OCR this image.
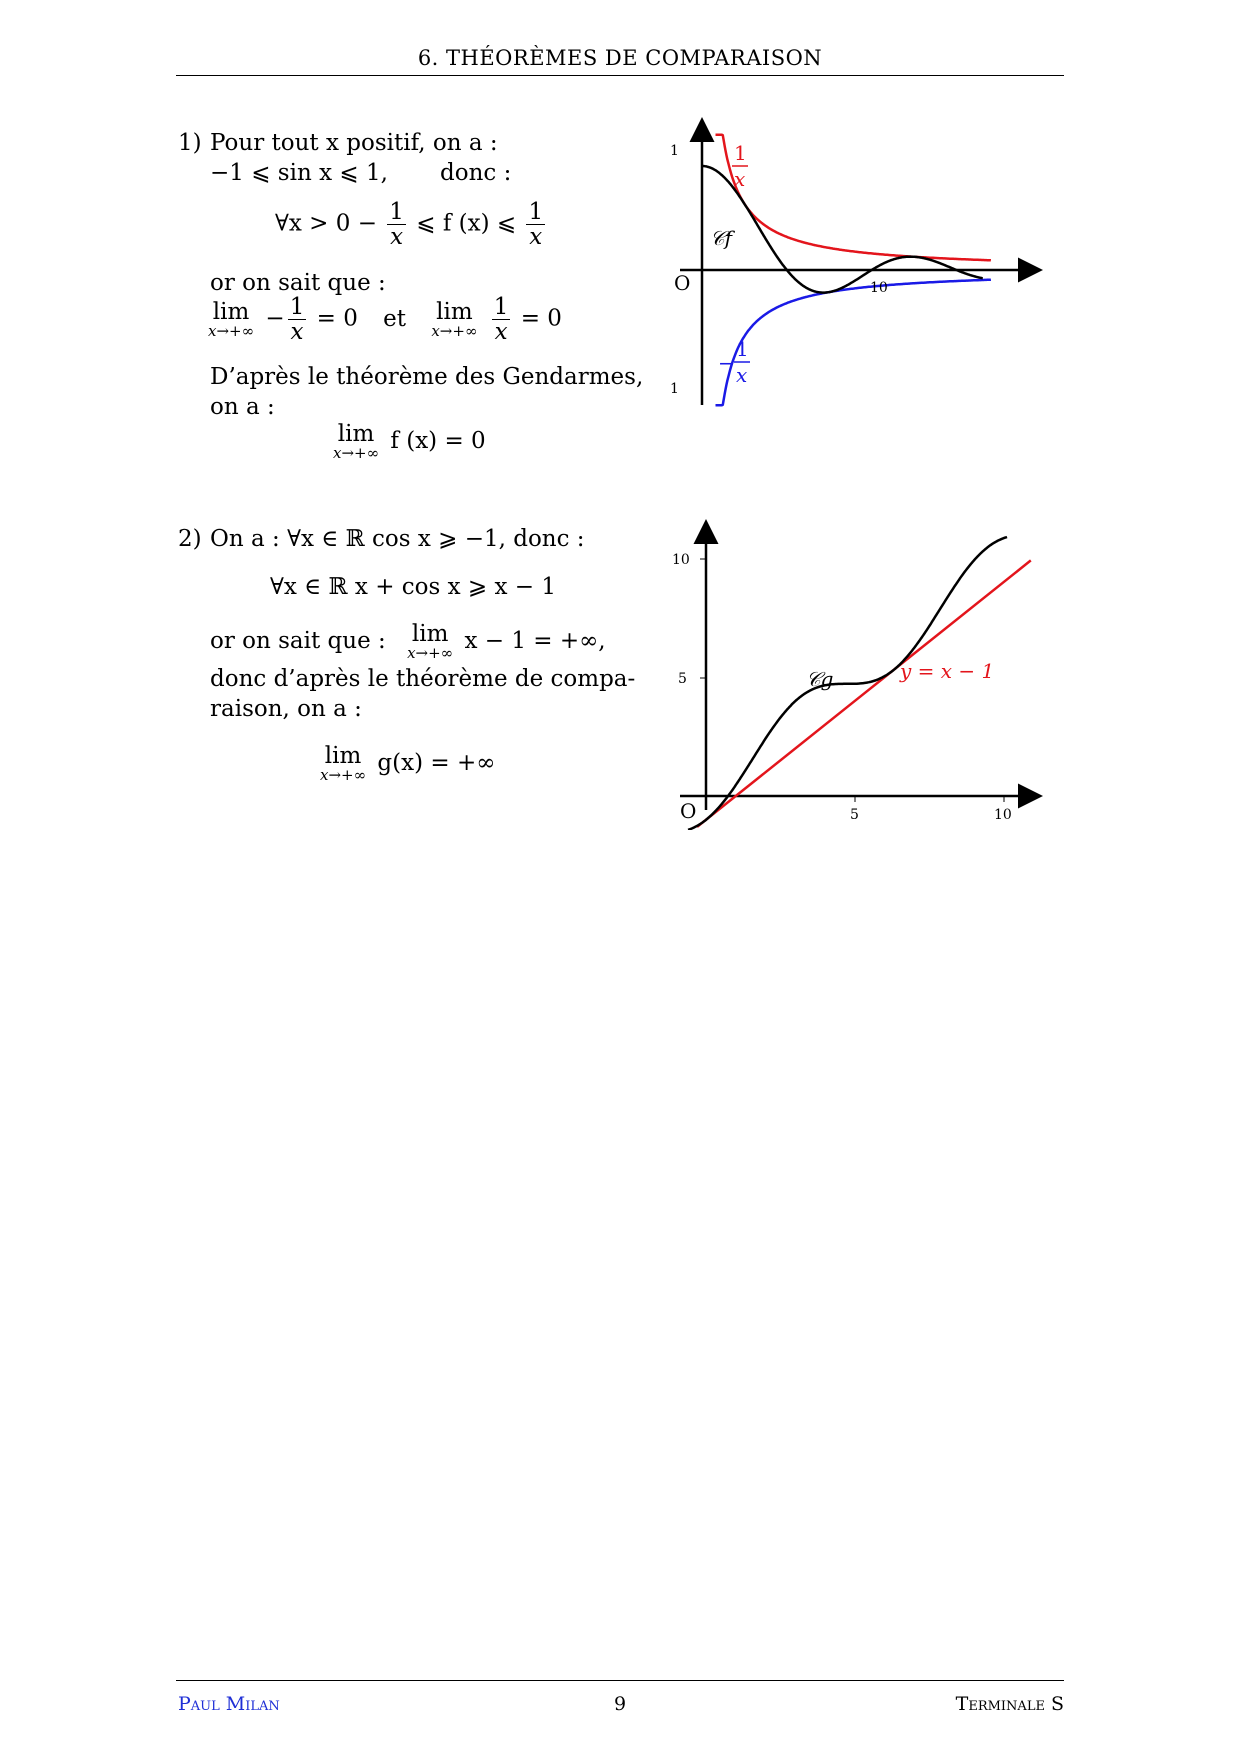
6. THÉORÈMES DE COMPARAISON
1) Pour tout x positif, on a :
−1 ⩽ sin x ⩽ 1, donc :
∀x > $0 - \frac{1}{x}$ ⩽ f (x) ⩽ $\frac{1}{x}$
or on sait que :
lim
$x\to+\infty - \frac{1}{x} = 0$ et lim
x→+∞
$\frac{1}{x} = 0$
D’après le théorème des Gendarmes,
on a :
lim
x→+∞ f (x) = 0
2) On a : ∀x ∈ ℝ cos x ⩾ −1, donc :
∀x ∈ ℝ x + cos x ⩾ x − 1
or on sait que : lim
x→+∞ x − 1 = +∞,
donc d’après le théorème de compa-
raison, on a :
lim
x→+∞ g(x) = +∞
1
1
O	10
𝒞f
1
x
−
1
x
10
5
5	10
O
𝒞g	y = x − 1
Paul Milan	9	Terminale S
